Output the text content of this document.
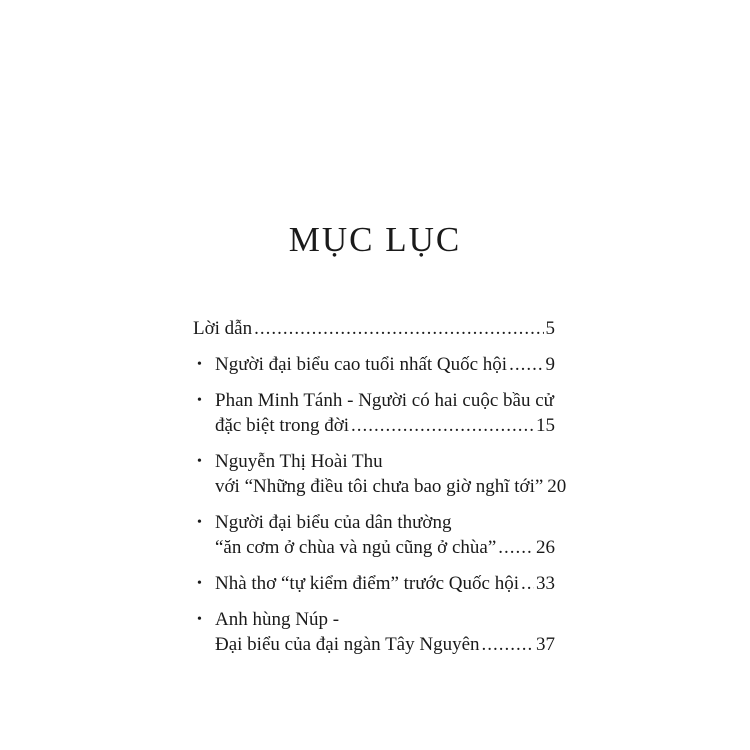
MỤC LỤC
Lời dẫn .....	5
• Người đại biểu cao tuổi nhất Quốc hội ..... 9
• Phan Minh Tánh - Người có hai cuộc bầu cử
đặc biệt trong đời .....	15
• Nguyễn Thị Hoài Thu
với “Những điều tôi chưa bao giờ nghĩ tới” 20
• Người đại biểu của dân thường
“ăn cơm ở chùa và ngủ cũng ở chùa” ..... 26
• Nhà thơ “tự kiểm điểm” trước Quốc hội ..... 33
• Anh hùng Núp -
Đại biểu của đại ngàn Tây Nguyên .....	37
